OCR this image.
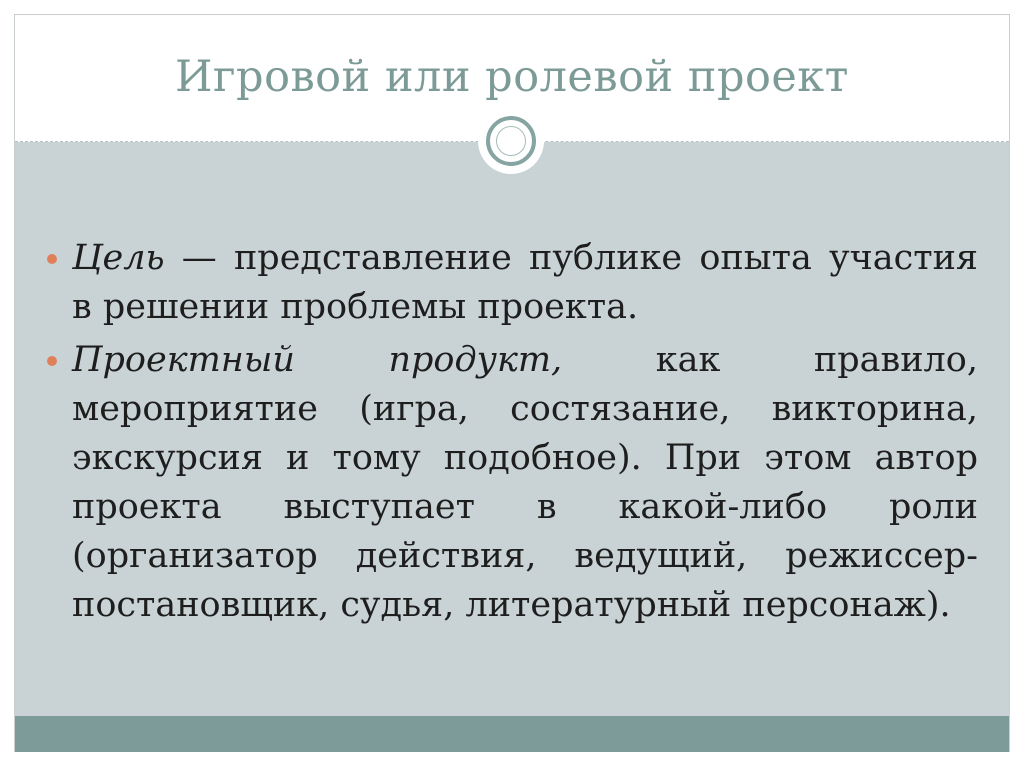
Игровой или ролевой проект
Цель — представление публике опыта участия в решении проблемы проекта.
Проектный продукт, как правило, мероприятие (игра, состязание, викторина, экскурсия и тому подобное). При этом автор проекта выступает в какой-либо роли (организатор действия, ведущий, режиссер-постановщик, судья, литературный персонаж).
